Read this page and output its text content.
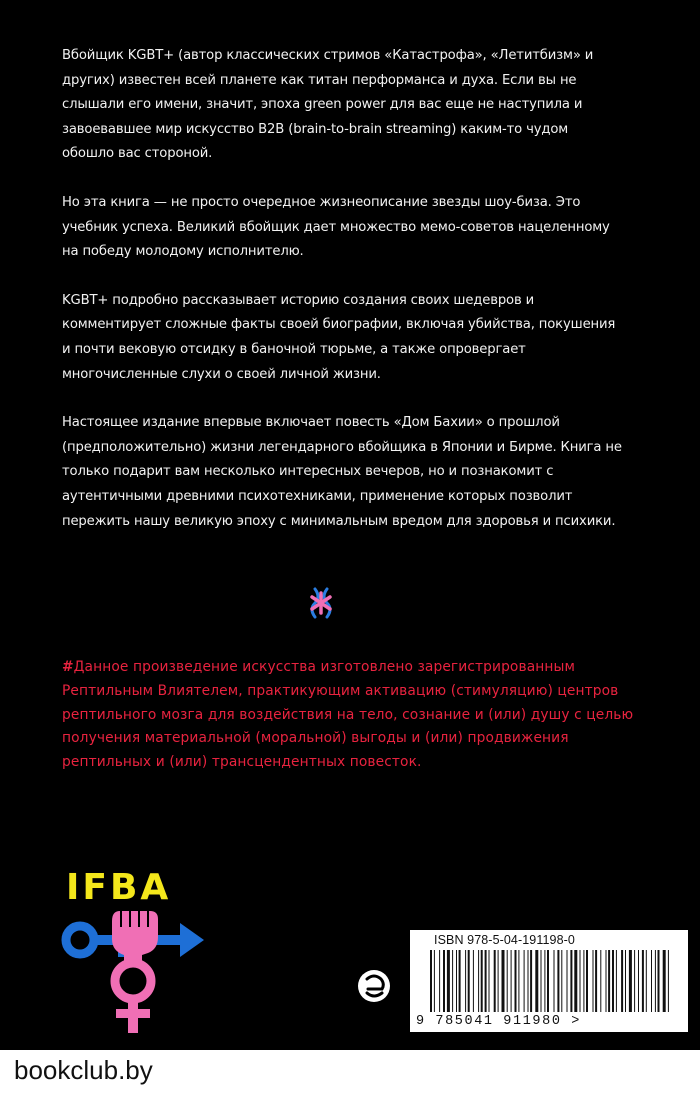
Вбойщик KGBT+ (автор классических стримов «Катастрофа», «Летитбизм» и других) известен всей планете как титан перформанса и духа. Если вы не слышали его имени, значит, эпоха green power для вас еще не наступила и завоевавшее мир искусство B2B (brain-to-brain streaming) каким-то чудом обошло вас стороной.

Но эта книга — не просто очередное жизнеописание звезды шоу-биза. Это учебник успеха. Великий вбойщик дает множество мемо-советов нацеленному на победу молодому исполнителю.

KGBT+ подробно рассказывает историю создания своих шедевров и комментирует сложные факты своей биографии, включая убийства, покушения и почти вековую отсидку в баночной тюрьме, а также опровергает многочисленные слухи о своей личной жизни.

Настоящее издание впервые включает повесть «Дом Бахии» о прошлой (предположительно) жизни легендарного вбойщика в Японии и Бирме. Книга не только подарит вам несколько интересных вечеров, но и познакомит с аутентичными древними психотехниками, применение которых позволит пережить нашу великую эпоху с минимальным вредом для здоровья и психики.

#Данное произведение искусства изготовлено зарегистрированным Рептильным Влиятелем, практикующим активацию (стимуляцию) центров рептильного мозга для воздействия на тело, сознание и (или) душу с целью получения материальной (моральной) выгоды и (или) продвижения рептильных и (или) трансцендентных повесток.
IFBA
ISBN 978-5-04-191198-0
9 785041 911980 >
bookclub.by
